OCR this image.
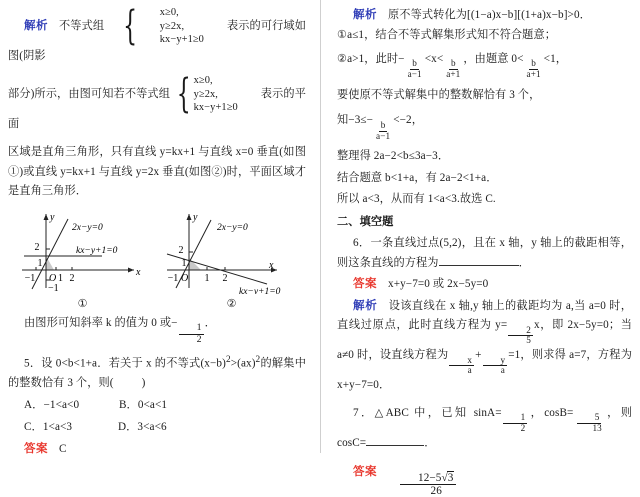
解析 不等式组 {	x≥0,
y≥2x,
kx−y+1≥0
表示的可行域如图(阴影

部分)所示，由图可知若不等式组 { x≥0,
y≥2x,
kx−y+1≥0
表示的平面

区域是直角三角形，只有直线 y=kx+1 与直线 x=0 垂直(如图①)或直线 y=kx+1 与直线 y=2x 垂直(如图②)时，平面区域才是直角三角形．

y
x
2x−y=0
kx−y+1=0
2
1
−1 O 1 2
−1
①
y
x
2x−y=0
kx−y+1=0
2
1
−1 O 1 2
②

由图形可知斜率 k 的值为 0 或−
$\frac{1}{2}$
．

5．设 0<b<1+a．若关于 x 的不等式$(x-b)^2>(ax)^2$的解集中的整数恰有 3 个，则(	)

A．−1<a<0	B．0<a<1

C．1<a<3	D．3<a<6

答案 C

解析 原不等式转化为[(1−a)x−b][(1+a)x−b]>0．

①a≤1，结合不等式解集形式知不符合题意；

②a>1，此时−
$\frac{b}{a-1}$
<x<
$\frac{b}{a+1}$
，由题意 0<
$\frac{b}{a+1}$
<1，

要使原不等式解集中的整数解恰有 3 个，

知−3≤−
$\frac{b}{a-1}$
<−2，

整理得 2a−2<b≤3a−3．

结合题意 b<1+a，有 2a−2<1+a．

所以 a<3，从而有 1<a<3.故选 C.

二、填空题

6．一条直线过点(5,2)，且在 x 轴，y 轴上的截距相等，则这条直线的方程为	．

答案 x+y−7=0 或 2x−5y=0

解析 设该直线在 x 轴,y 轴上的截距均为 a,当 a=0 时，直线过原点，此时直线方程为 y=
$\frac{2}{5}$
x，即 2x−5y=0；当 a≠0 时，设直线方程为
$\frac{x}{a}$
+
$\frac{y}{a}$
=1，则求得 a=7，方程为 x+y−7=0．

7．△ABC 中，已知 sinA=
$\frac{1}{2}$
，cosB=
$\frac{5}{13}$
，则 cosC=	．

答案 $\frac{12-5√3}{26}$
